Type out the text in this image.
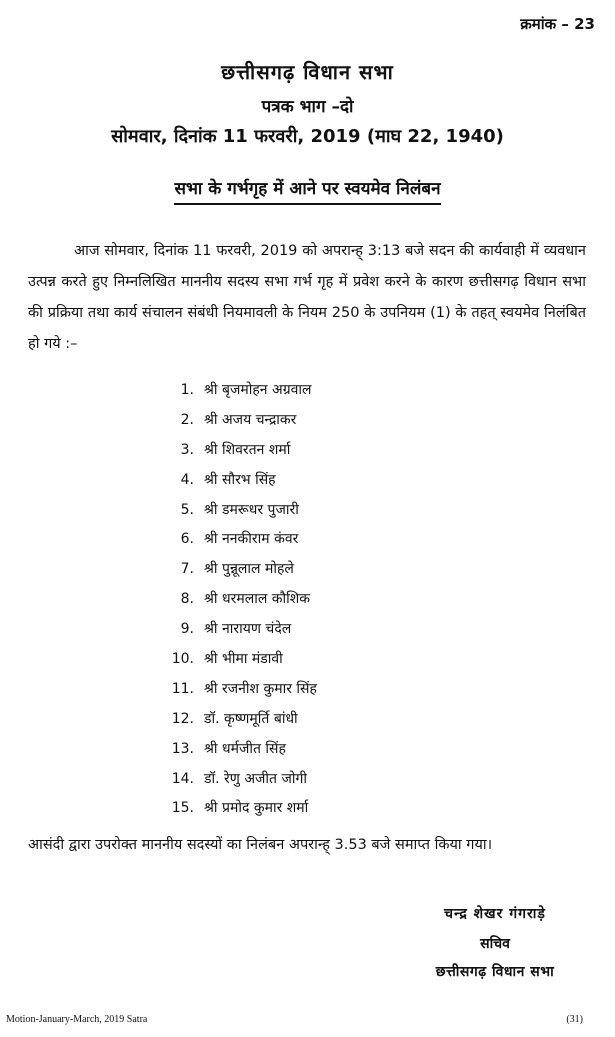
क्रमांक – 23
छत्तीसगढ़ विधान सभा
पत्रक भाग –दो
सोमवार, दिनांक 11 फरवरी, 2019 (माघ 22, 1940)
सभा के गर्भगृह में आने पर स्वयमेव निलंबन
आज सोमवार, दिनांक 11 फरवरी, 2019 को अपरान्ह् 3:13 बजे सदन की कार्यवाही में व्यवधान उत्पन्न करते हुए निम्नलिखित माननीय सदस्य सभा गर्भ गृह में प्रवेश करने के कारण छत्तीसगढ़ विधान सभा की प्रक्रिया तथा कार्य संचालन संबंधी नियमावली के नियम 250 के उपनियम (1) के तहत् स्वयमेव निलंबित हो गये :–
1. श्री बृजमोहन अग्रवाल
2. श्री अजय चन्द्राकर
3. श्री शिवरतन शर्मा
4. श्री सौरभ सिंह
5. श्री डमरूधर पुजारी
6. श्री ननकीराम कंवर
7. श्री पुन्नूलाल मोहले
8. श्री धरमलाल कौशिक
9. श्री नारायण चंदेल
10. श्री भीमा मंडावी
11. श्री रजनीश कुमार सिंह
12. डॉ. कृष्णमूर्ति बांधी
13. श्री धर्मजीत सिंह
14. डॉ. रेणु अजीत जोगी
15. श्री प्रमोद कुमार शर्मा
आसंदी द्वारा उपरोक्त माननीय सदस्यों का निलंबन अपरान्ह् 3.53 बजे समाप्त किया गया।
चन्द्र शेखर गंगराड़े
सचिव
छत्तीसगढ़ विधान सभा
Motion-January-March, 2019 Satra	(31)
